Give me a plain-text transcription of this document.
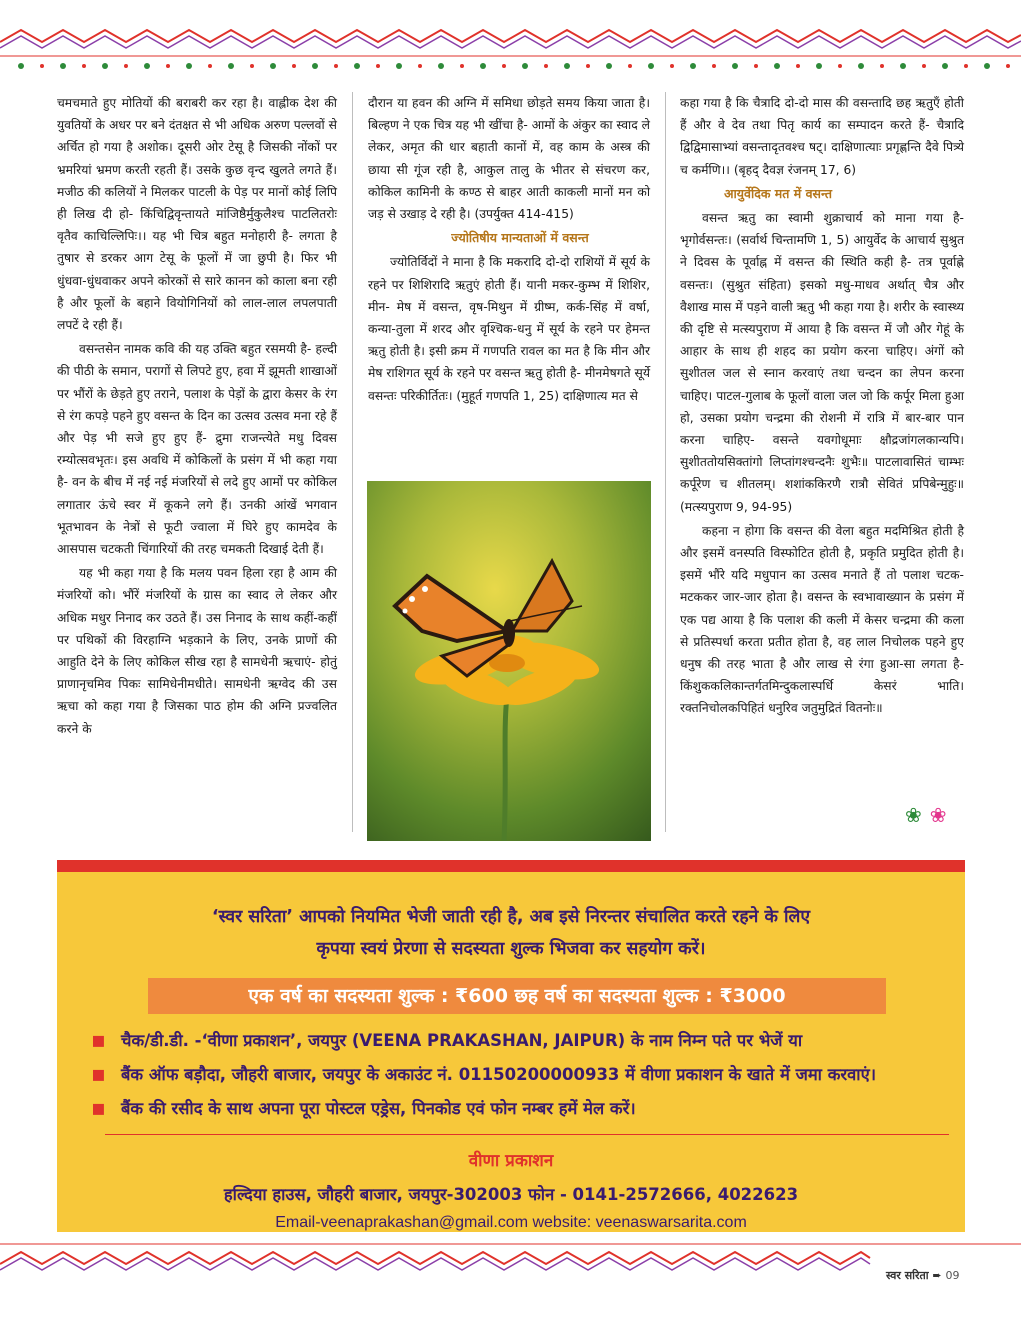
चमचमाते हुए मोतियों की बराबरी कर रहा है। वाह्लीक देश की युवतियों के अधर पर बने दंतक्षत से भी अधिक अरुण पल्लवों से अर्चित हो गया है अशोक। दूसरी ओर टेसू है जिसकी नोंकों पर भ्रमरियां भ्रमण करती रहती हैं। उसके कुछ वृन्द खुलते लगते हैं। मजीठ की कलियों ने मिलकर पाटली के पेड़ पर मानों कोई लिपि ही लिख दी हो- किंचिद्विवृन्तायते मांजिष्ठैर्मुकुलैश्च पाटलितरोः वृतैव काचिल्लिपिः।। यह भी चित्र बहुत मनोहारी है- लगता है तुषार से डरकर आग टेसू के फूलों में जा छुपी है। फिर भी धुंधवा-धुंधवाकर अपने कोरकों से सारे कानन को काला बना रही है और फूलों के बहाने वियोगिनियों को लाल-लाल लपलपाती लपटें दे रही हैं।

वसन्तसेन नामक कवि की यह उक्ति बहुत रसमयी है- हल्दी की पीठी के समान, परागों से लिपटे हुए, हवा में झूमती शाखाओं पर भौंरों के छेड़ते हुए तराने, पलाश के पेड़ों के द्वारा केसर के रंग से रंग कपड़े पहने हुए वसन्त के दिन का उत्सव उत्सव मना रहे हैं और पेड़ भी सजे हुए हुए हैं- द्रुमा राजन्त्येते मधु दिवस रम्योत्सवभृतः। इस अवधि में कोकिलों के प्रसंग में भी कहा गया है- वन के बीच में नई नई मंजरियों से लदे हुए आमों पर कोकिल लगातार ऊंचे स्वर में कूकने लगे हैं। उनकी आंखें भगवान भूतभावन के नेत्रों से फूटी ज्वाला में घिरे हुए कामदेव के आसपास चटकती चिंगारियों की तरह चमकती दिखाई देती हैं।

यह भी कहा गया है कि मलय पवन हिला रहा है आम की मंजरियों को। भौंरें मंजरियों के ग्रास का स्वाद ले लेकर और अधिक मधुर निनाद कर उठते हैं। उस निनाद के साथ कहीं-कहीं पर पथिकों की विरहाग्नि भड़काने के लिए, उनके प्राणों की आहुति देने के लिए कोकिल सीख रहा है सामधेनी ऋचाएं- होतुं प्राणानृचमिव पिकः सामिधेनीमधीते। सामधेनी ऋग्वेद की उस ऋचा को कहा गया है जिसका पाठ होम की अग्नि प्रज्वलित करने के

दौरान या हवन की अग्नि में समिधा छोड़ते समय किया जाता है। बिल्हण ने एक चित्र यह भी खींचा है- आमों के अंकुर का स्वाद ले लेकर, अमृत की धार बहाती कानों में, वह काम के अस्त्र की छाया सी गूंज रही है, आकुल तालु के भीतर से संचरण कर, कोकिल कामिनी के कण्ठ से बाहर आती काकली मानों मन को जड़ से उखाड़ दे रही है। (उपर्युक्त 414-415)

ज्योतिषीय मान्यताओं में वसन्त

ज्योतिर्विदों ने माना है कि मकरादि दो-दो राशियों में सूर्य के रहने पर शिशिरादि ऋतुएं होती हैं। यानी मकर-कुम्भ में शिशिर, मीन- मेष में वसन्त, वृष-मिथुन में ग्रीष्म, कर्क-सिंह में वर्षा, कन्या-तुला में शरद और वृश्चिक-धनु में सूर्य के रहने पर हेमन्त ऋतु होती है। इसी क्रम में गणपति रावल का मत है कि मीन और मेष राशिगत सूर्य के रहने पर वसन्त ऋतु होती है- मीनमेषगते सूर्ये वसन्तः परिकीर्तितः। (मुहूर्त गणपति 1, 25) दाक्षिणात्य मत से

कहा गया है कि चैत्रादि दो-दो मास की वसन्तादि छह ऋतुएँ होती हैं और वे देव तथा पितृ कार्य का सम्पादन करते हैं- चैत्रादि द्विद्विमासाभ्यां वसन्तादृतवश्च षट्। दाक्षिणात्याः प्रगृह्णन्ति दैवे पित्र्ये च कर्मणि।। (बृहद् दैवज्ञ रंजनम् 17, 6)

आयुर्वेदिक मत में वसन्त

वसन्त ऋतु का स्वामी शुक्राचार्य को माना गया है- भृगोर्वसन्तः। (सर्वार्थ चिन्तामणि 1, 5) आयुर्वेद के आचार्य सुश्रुत ने दिवस के पूर्वाह्न में वसन्त की स्थिति कही है- तत्र पूर्वाह्णे वसन्तः। (सुश्रुत संहिता) इसको मधु-माधव अर्थात् चैत्र और वैशाख मास में पड़ने वाली ऋतु भी कहा गया है। शरीर के स्वास्थ्य की दृष्टि से मत्स्यपुराण में आया है कि वसन्त में जौ और गेहूं के आहार के साथ ही शहद का प्रयोग करना चाहिए। अंगों को सुशीतल जल से स्नान करवाएं तथा चन्दन का लेपन करना चाहिए। पाटल-गुलाब के फूलों वाला जल जो कि कर्पूर मिला हुआ हो, उसका प्रयोग चन्द्रमा की रोशनी में रात्रि में बार-बार पान करना चाहिए- वसन्ते यवगोधूमाः क्षौद्रजांगलकान्यपि। सुशीततोयसिक्तांगो लिप्तांगश्चन्दनैः शुभैः॥ पाटलावासितं चाम्भः कर्पूरेण च शीतलम्। शशांककिरणै रात्रौ सेवितं प्रपिबेन्मुहुः॥ (मत्स्यपुराण 9, 94-95)

कहना न होगा कि वसन्त की वेला बहुत मदमिश्रित होती है और इसमें वनस्पति विस्फोटित होती है, प्रकृति प्रमुदित होती है। इसमें भौंरे यदि मधुपान का उत्सव मनाते हैं तो पलाश चटक-मटककर जार-जार होता है। वसन्त के स्वभावाख्यान के प्रसंग में एक पद्य आया है कि पलाश की कली में केसर चन्द्रमा की कला से प्रतिस्पर्धा करता प्रतीत होता है, वह लाल निचोलक पहने हुए धनुष की तरह भाता है और लाख से रंगा हुआ-सा लगता है- किंशुककलिकान्तर्गतमिन्दुकलास्पर्धि केसरं भाति। रक्तनिचोलकपिहितं धनुरिव जतुमुद्रितं वितनोः॥

❀ ❀
‘स्वर सरिता’ आपको नियमित भेजी जाती रही है, अब इसे निरन्तर संचालित करते रहने के लिए
कृपया स्वयं प्रेरणा से सदस्यता शुल्क भिजवा कर सहयोग करें।
एक वर्ष का सदस्यता शुल्क : ₹600 छह वर्ष का सदस्यता शुल्क : ₹3000
▪ चैक/डी.डी. -‘वीणा प्रकाशन’, जयपुर (VEENA PRAKASHAN, JAIPUR) के नाम निम्न पते पर भेजें या
▪ बैंक ऑफ बड़ौदा, जौहरी बाजार, जयपुर के अकाउंट नं. 01150200000933 में वीणा प्रकाशन के खाते में जमा करवाएं।
▪ बैंक की रसीद के साथ अपना पूरा पोस्टल एड्रेस, पिनकोड एवं फोन नम्बर हमें मेल करें।
वीणा प्रकाशन
हल्दिया हाउस, जौहरी बाजार, जयपुर-302003 फोन - 0141-2572666, 4022623
Email-veenaprakashan@gmail.com website: veenaswarsarita.com
स्वर सरिता ➨ 09
